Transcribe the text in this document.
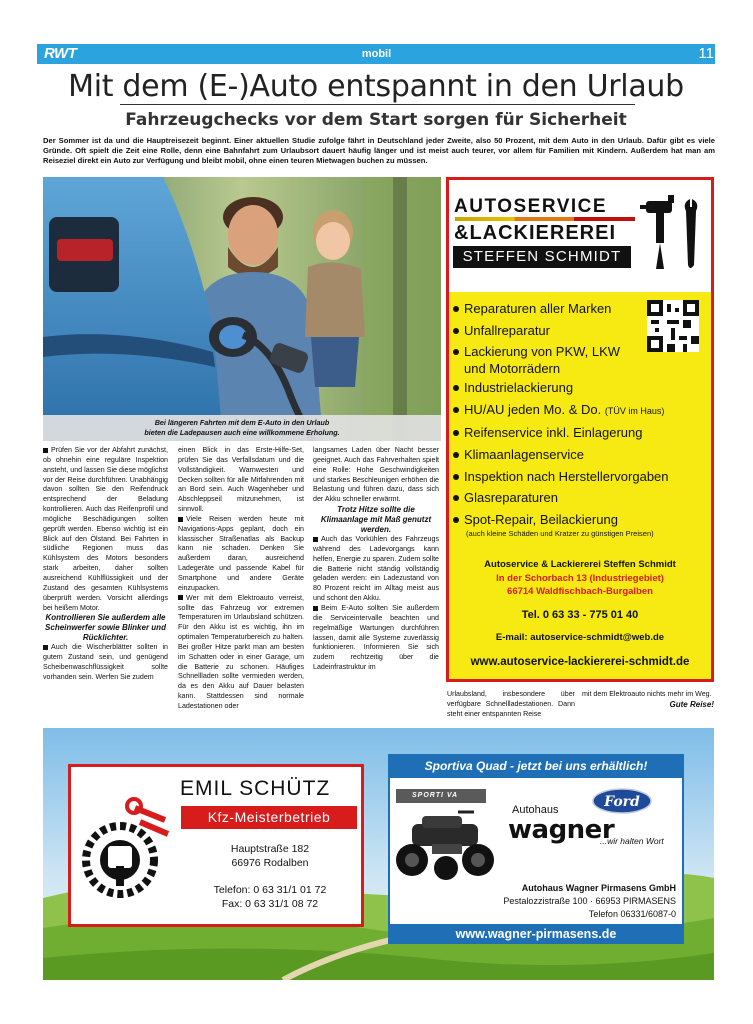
RWT	mobil	11
Mit dem (E-)Auto entspannt in den Urlaub
Fahrzeugchecks vor dem Start sorgen für Sicherheit

Der Sommer ist da und die Hauptreisezeit beginnt. Einer aktuellen Studie zufolge fährt in Deutschland jeder Zweite, also 50 Prozent, mit dem Auto in den Urlaub. Dafür gibt es viele Gründe. Oft spielt die Zeit eine Rolle, denn eine Bahnfahrt zum Urlaubsort dauert häufig länger und ist meist auch teurer, vor allem für Familien mit Kindern. Außerdem hat man am Reiseziel direkt ein Auto zur Verfügung und bleibt mobil, ohne einen teuren Mietwagen buchen zu müssen.

Bei längeren Fahrten mit dem E-Auto in den Urlaub
bieten die Ladepausen auch eine willkommene Erholung.

Prüfen Sie vor der Abfahrt zunächst, ob ohnehin eine reguläre Inspektion ansteht, und lassen Sie diese möglichst vor der Reise durchführen. Unabhängig davon sollten Sie den Reifendruck entsprechend der Beladung kontrollieren. Auch das Reifenprofil und mögliche Beschädigungen sollten geprüft werden. Ebenso wichtig ist ein Blick auf den Ölstand. Bei Fahrten in südliche Regionen muss das Kühlsystem des Motors besonders stark arbeiten, daher sollten ausreichend Kühlflüssigkeit und der Zustand des gesamten Kühlsystems überprüft werden. Vorsicht allerdings bei heißem Motor.

Kontrollieren Sie außerdem alle Scheinwerfer sowie Blinker und Rücklichter.

Auch die Wischerblätter sollten in gutem Zustand sein, und genügend Scheibenwaschflüssigkeit sollte vorhanden sein. Werfen Sie zudem

einen Blick in das Erste-Hilfe-Set, prüfen Sie das Verfallsdatum und die Vollständigkeit. Warnwesten und Decken sollten für alle Mitfahrenden mit an Bord sein. Auch Wagenheber und Abschleppseil mitzunehmen, ist sinnvoll.

Viele Reisen werden heute mit Navigations-Apps geplant, doch ein klassischer Straßenatlas als Backup kann nie schaden. Denken Sie außerdem daran, ausreichend Ladegeräte und passende Kabel für Smartphone und andere Geräte einzupacken.

Wer mit dem Elektroauto verreist, sollte das Fahrzeug vor extremen Temperaturen im Urlaubsland schützen. Für den Akku ist es wichtig, ihn im optimalen Temperaturbereich zu halten. Bei großer Hitze parkt man am besten im Schatten oder in einer Garage, um die Batterie zu schonen. Häufiges Schnellladen sollte vermieden werden, da es den Akku auf Dauer belasten kann. Stattdessen sind normale Ladestationen oder

langsames Laden über Nacht besser geeignet. Auch das Fahrverhalten spielt eine Rolle: Hohe Geschwindigkeiten und starkes Beschleunigen erhöhen die Belastung und führen dazu, dass sich der Akku schneller erwärmt.

Trotz Hitze sollte die Klimaanlage mit Maß genutzt werden.

Auch das Vorkühlen des Fahrzeugs während des Ladevorgangs kann helfen, Energie zu sparen. Zudem sollte die Batterie nicht ständig vollständig geladen werden: ein Ladezustand von 80 Prozent reicht im Alltag meist aus und schont den Akku.

Beim E-Auto sollten Sie außerdem die Serviceintervalle beachten und regelmäßige Wartungen durchführen lassen, damit alle Systeme zuverlässig funktionieren. Informieren Sie sich zudem rechtzeitig über die Ladeinfrastruktur im

Urlaubsland, insbesondere über verfügbare Schnellladestationen. Dann steht einer entspannten Reise

mit dem Elektroauto nichts mehr im Weg.

Gute Reise!

AUTOSERVICE
&LACKIEREREI
STEFFEN SCHMIDT
Reparaturen aller Marken
Unfallreparatur
Lackierung von PKW, LKW
und Motorrädern
Industrielackierung
HU/AU jeden Mo. & Do. (TÜV im Haus)
Reifenservice inkl. Einlagerung
Klimaanlagenservice
Inspektion nach Herstellervorgaben
Glasreparaturen
Spot-Repair, Beilackierung
(auch kleine Schäden und Kratzer zu günstigen Preisen)
Autoservice & Lackiererei Steffen Schmidt
In der Schorbach 13 (Industriegebiet)
66714 Waldfischbach-Burgalben
Tel. 0 63 33 - 775 01 40
E-mail: autoservice-schmidt@web.de
www.autoservice-lackiererei-schmidt.de
EMIL SCHÜTZ
Kfz-Meisterbetrieb
Hauptstraße 182
66976 Rodalben
Telefon: 0 63 31/1 01 72
Fax: 0 63 31/1 08 72
Sportiva Quad - jetzt bei uns erhältlich!
SPORTI VA	Ford
Autohaus
wagner
...wir halten Wort
Autohaus Wagner Pirmasens GmbH
Pestalozzistraße 100 · 66953 PIRMASENS
Telefon 06331/6087-0
www.wagner-pirmasens.de
